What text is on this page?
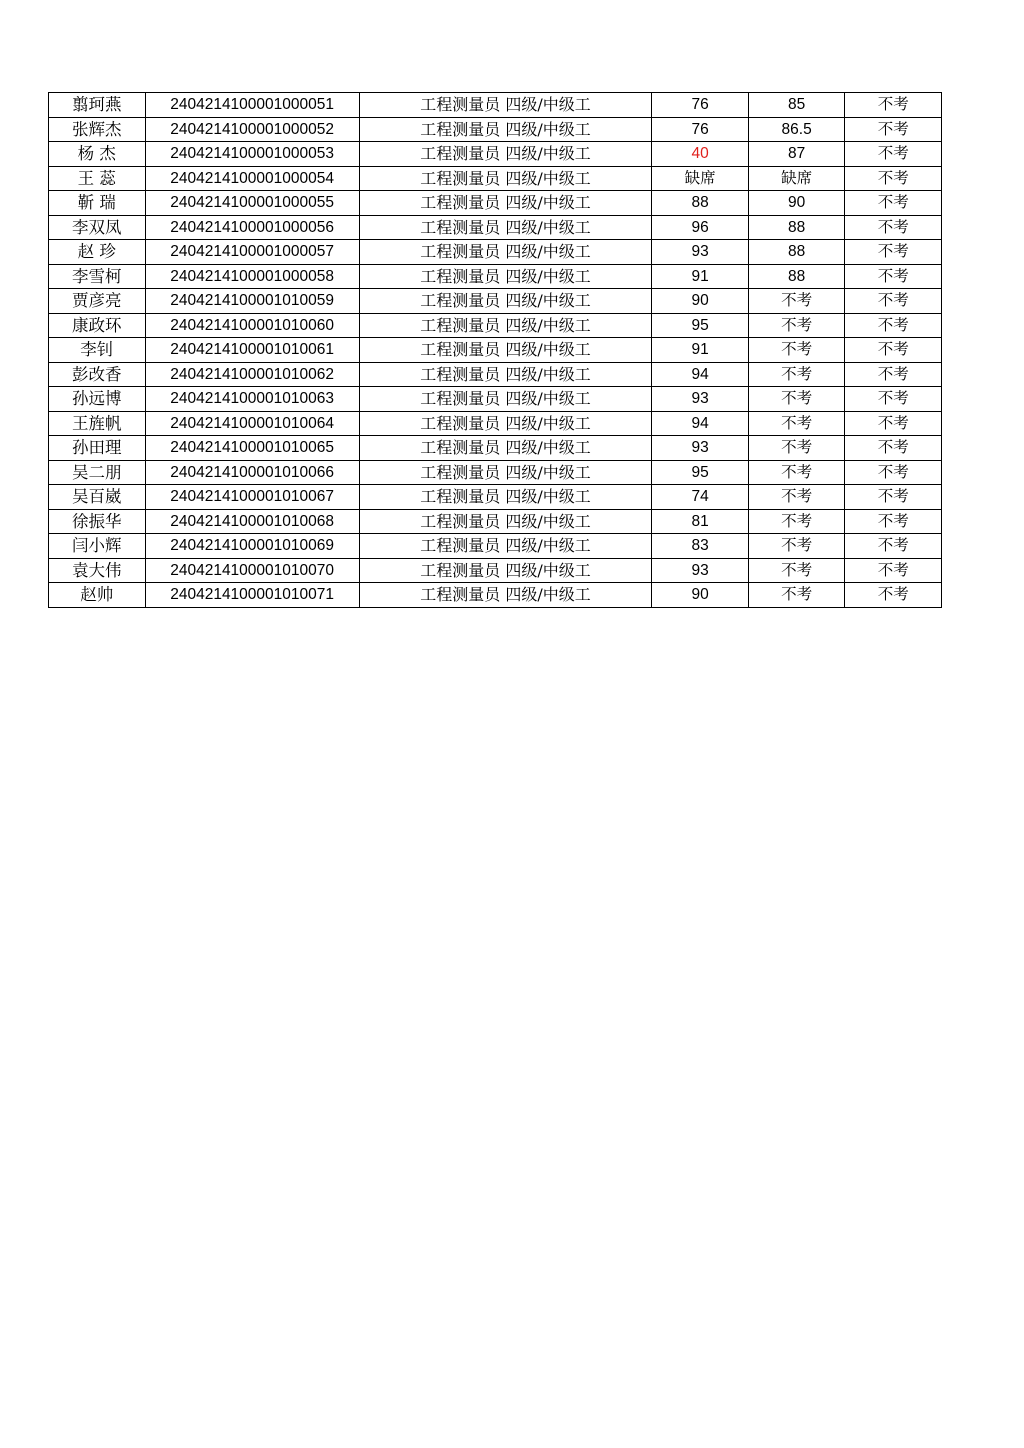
翦珂燕	2404214100001000051	工程测量员 四级/中级工	76	85	不考
张辉杰	2404214100001000052	工程测量员 四级/中级工	76	86.5	不考
杨 杰	2404214100001000053	工程测量员 四级/中级工	40	87	不考
王 蕊	2404214100001000054	工程测量员 四级/中级工	缺席	缺席	不考
靳 瑞	2404214100001000055	工程测量员 四级/中级工	88	90	不考
李双凤	2404214100001000056	工程测量员 四级/中级工	96	88	不考
赵 珍	2404214100001000057	工程测量员 四级/中级工	93	88	不考
李雪柯	2404214100001000058	工程测量员 四级/中级工	91	88	不考
贾彦亮	2404214100001010059	工程测量员 四级/中级工	90	不考	不考
康政环	2404214100001010060	工程测量员 四级/中级工	95	不考	不考
李钊	2404214100001010061	工程测量员 四级/中级工	91	不考	不考
彭改香	2404214100001010062	工程测量员 四级/中级工	94	不考	不考
孙远博	2404214100001010063	工程测量员 四级/中级工	93	不考	不考
王旌帆	2404214100001010064	工程测量员 四级/中级工	94	不考	不考
孙田理	2404214100001010065	工程测量员 四级/中级工	93	不考	不考
吴二朋	2404214100001010066	工程测量员 四级/中级工	95	不考	不考
吴百崴	2404214100001010067	工程测量员 四级/中级工	74	不考	不考
徐振华	2404214100001010068	工程测量员 四级/中级工	81	不考	不考
闫小辉	2404214100001010069	工程测量员 四级/中级工	83	不考	不考
袁大伟	2404214100001010070	工程测量员 四级/中级工	93	不考	不考
赵帅	2404214100001010071	工程测量员 四级/中级工	90	不考	不考
